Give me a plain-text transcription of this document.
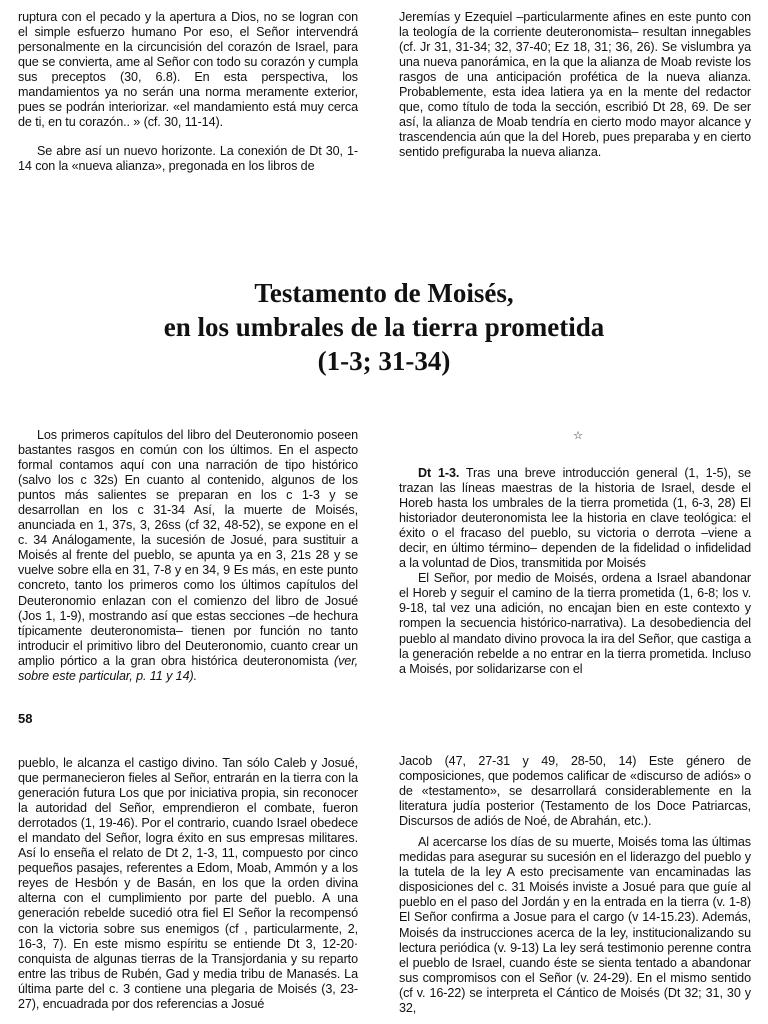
ruptura con el pecado y la apertura a Dios, no se logran con el simple esfuerzo humano Por eso, el Señor intervendrá personalmente en la circuncisión del corazón de Israel, para que se convierta, ame al Señor con todo su corazón y cumpla sus preceptos (30, 6.8). En esta perspectiva, los mandamientos ya no serán una norma meramente exterior, pues se podrán interiorizar. «el mandamiento está muy cerca de ti, en tu corazón.. » (cf. 30, 11-14).

Se abre así un nuevo horizonte. La conexión de Dt 30, 1-14 con la «nueva alianza», pregonada en los libros de

Jeremías y Ezequiel –particularmente afines en este punto con la teología de la corriente deuteronomista– resultan innegables (cf. Jr 31, 31-34; 32, 37-40; Ez 18, 31; 36, 26). Se vislumbra ya una nueva panorámica, en la que la alianza de Moab reviste los rasgos de una anticipación profética de la nueva alianza. Probablemente, esta idea latiera ya en la mente del redactor que, como título de toda la sección, escribió Dt 28, 69. De ser así, la alianza de Moab tendría en cierto modo mayor alcance y trascendencia aún que la del Horeb, pues preparaba y en cierto sentido prefiguraba la nueva alianza.

Testamento de Moisés,
en los umbrales de la tierra prometida
(1-3; 31-34)

Los primeros capítulos del libro del Deuteronomio poseen bastantes rasgos en común con los últimos. En el aspecto formal contamos aquí con una narración de tipo histórico (salvo los c 32s) En cuanto al contenido, algunos de los puntos más salientes se preparan en los c 1-3 y se desarrollan en los c 31-34 Así, la muerte de Moisés, anunciada en 1, 37s, 3, 26ss (cf 32, 48-52), se expone en el c. 34 Análogamente, la sucesión de Josué, para sustituir a Moisés al frente del pueblo, se apunta ya en 3, 21s 28 y se vuelve sobre ella en 31, 7-8 y en 34, 9 Es más, en este punto concreto, tanto los primeros como los últimos capítulos del Deuteronomio enlazan con el comienzo del libro de Josué (Jos 1, 1-9), mostrando así que estas secciones –de hechura típicamente deuteronomista– tienen por función no tanto introducir el primitivo libro del Deuteronomio, cuanto crear un amplio pórtico a la gran obra histórica deuteronomista (ver, sobre este particular, p. 11 y 14).

☆

Dt 1-3. Tras una breve introducción general (1, 1-5), se trazan las líneas maestras de la historia de Israel, desde el Horeb hasta los umbrales de la tierra prometida (1, 6-3, 28) El historiador deuteronomista lee la historia en clave teológica: el éxito o el fracaso del pueblo, su victoria o derrota –viene a decir, en último término– dependen de la fidelidad o infidelidad a la voluntad de Dios, transmitida por Moisés

El Señor, por medio de Moisés, ordena a Israel abandonar el Horeb y seguir el camino de la tierra prometida (1, 6-8; los v. 9-18, tal vez una adición, no encajan bien en este contexto y rompen la secuencia histórico-narrativa). La desobediencia del pueblo al mandato divino provoca la ira del Señor, que castiga a la generación rebelde a no entrar en la tierra prometida. Incluso a Moisés, por solidarizarse con el

58

pueblo, le alcanza el castigo divino. Tan sólo Caleb y Josué, que permanecieron fieles al Señor, entrarán en la tierra con la generación futura Los que por iniciativa propia, sin reconocer la autoridad del Señor, emprendieron el combate, fueron derrotados (1, 19-46). Por el contrario, cuando Israel obedece el mandato del Señor, logra éxito en sus empresas militares. Así lo enseña el relato de Dt 2, 1-3, 11, compuesto por cinco pequeños pasajes, referentes a Edom, Moab, Ammón y a los reyes de Hesbón y de Basán, en los que la orden divina alterna con el cumplimiento por parte del pueblo. A una generación rebelde sucedió otra fiel El Señor la recompensó con la victoria sobre sus enemigos (cf , particularmente, 2, 16-3, 7). En este mismo espíritu se entiende Dt 3, 12-20· conquista de algunas tierras de la Transjordania y su reparto entre las tribus de Rubén, Gad y media tribu de Manasés. La última parte del c. 3 contiene una plegaria de Moisés (3, 23-27), encuadrada por dos referencias a Josué

Jacob (47, 27-31 y 49, 28-50, 14) Este género de composiciones, que podemos calificar de «discurso de adiós» o de «testamento», se desarrollará considerablemente en la literatura judía posterior (Testamento de los Doce Patriarcas, Discursos de adiós de Noé, de Abrahán, etc.).

Al acercarse los días de su muerte, Moisés toma las últimas medidas para asegurar su sucesión en el liderazgo del pueblo y la tutela de la ley A esto precisamente van encaminadas las disposiciones del c. 31 Moisés inviste a Josué para que guíe al pueblo en el paso del Jordán y en la entrada en la tierra (v. 1-8) El Señor confirma a Josue para el cargo (v 14-15.23). Además, Moisés da instrucciones acerca de la ley, institucionalizando su lectura periódica (v. 9-13) La ley será testimonio perenne contra el pueblo de Israel, cuando éste se sienta tentado a abandonar sus compromisos con el Señor (v. 24-29). En el mismo sentido (cf v. 16-22) se interpreta el Cántico de Moisés (Dt 32; 31, 30 y 32,
